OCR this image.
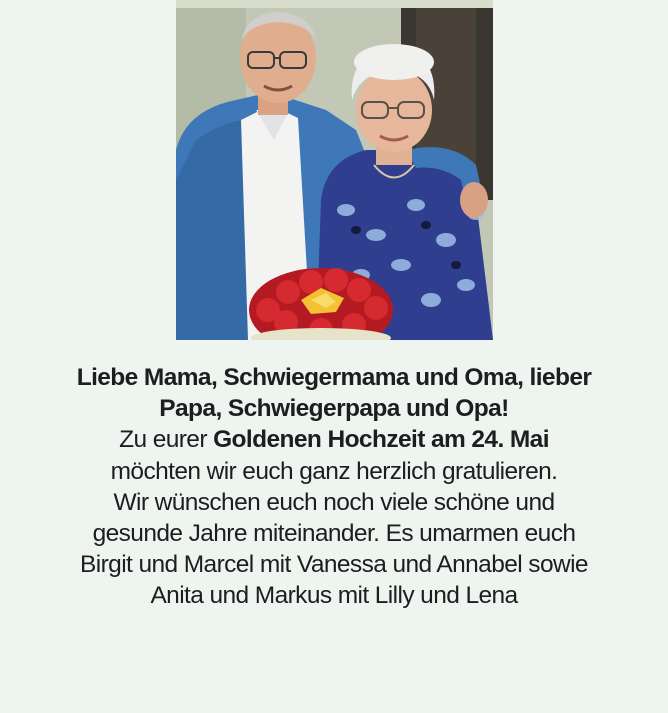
Liebe Mama, Schwiegermama und Oma, lieber
Papa, Schwiegerpapa und Opa!
Zu eurer Goldenen Hochzeit am 24. Mai
möchten wir euch ganz herzlich gratulieren.
Wir wünschen euch noch viele schöne und
gesunde Jahre miteinander. Es umarmen euch
Birgit und Marcel mit Vanessa und Annabel sowie
Anita und Markus mit Lilly und Lena
